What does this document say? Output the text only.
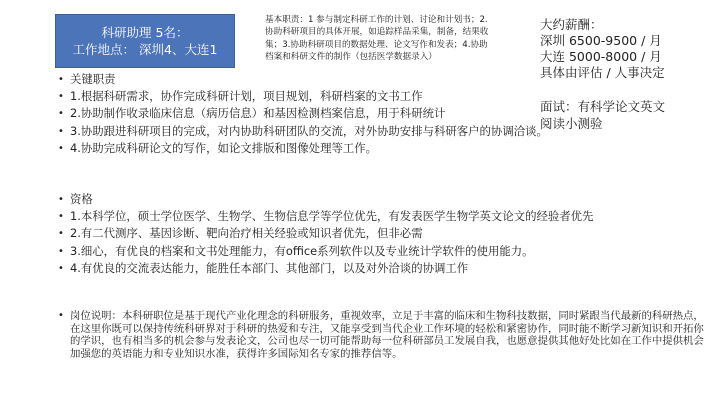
科研助理 5名：
工作地点： 深圳4、大连1
基本职责：1 参与制定科研工作的计划、讨论和计划书；2.协助科研项目的具体开展，如追踪样品采集，制备，结果收集；3.协助科研项目的数据处理、论文写作和发表；4.协助档案和科研文件的制作（包括医学数据录入）
大约薪酬：
深圳 6500-9500 / 月
大连 5000-8000 / 月
具体由评估 / 人事决定
面试：有科学论文英文
阅读小测验
• 关键职责
• 1.根据科研需求，协作完成科研计划，项目规划，科研档案的文书工作
• 2.协助制作收录临床信息（病历信息）和基因检测档案信息，用于科研统计
• 3.协助跟进科研项目的完成，对内协助科研团队的交流，对外协助安排与科研客户的协调洽谈。
• 4.协助完成科研论文的写作，如论文排版和图像处理等工作。
• 资格
• 1.本科学位，硕士学位医学、生物学、生物信息学等学位优先，有发表医学生物学英文论文的经验者优先
• 2.有二代测序、基因诊断、靶向治疗相关经验或知识者优先，但非必需
• 3.细心，有优良的档案和文书处理能力，有office系列软件以及专业统计学软件的使用能力。
• 4.有优良的交流表达能力，能胜任本部门、其他部门，以及对外洽谈的协调工作
• 岗位说明：本科研职位是基于现代产业化理念的科研服务，重视效率，立足于丰富的临床和生物科技数据，同时紧跟当代最新的科研热点，在这里你既可以保持传统科研界对于科研的热爱和专注，又能享受到当代企业工作环境的轻松和紧密协作，同时能不断学习新知识和开拓你的学识，也有相当多的机会参与发表论文，公司也尽一切可能帮助每一位科研部员工发展自我，也愿意提供其他好处比如在工作中提供机会加强您的英语能力和专业知识水准，获得许多国际知名专家的推荐信等。
